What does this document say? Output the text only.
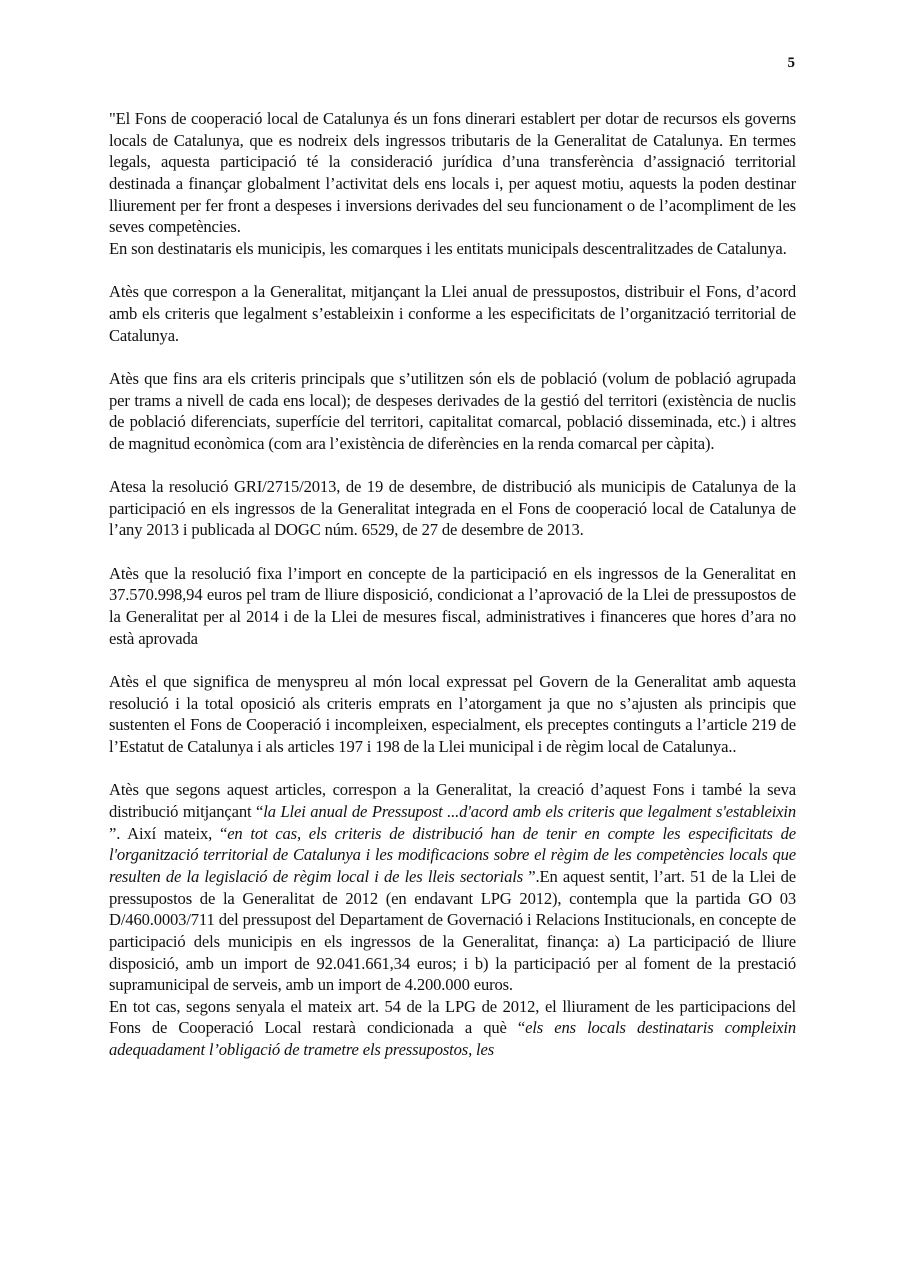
5

"El Fons de cooperació local de Catalunya és un fons dinerari establert per dotar de recursos els governs locals de Catalunya, que es nodreix dels ingressos tributaris de la Generalitat de Catalunya. En termes legals, aquesta participació té la consideració jurídica d’una transferència d’assignació territorial destinada a finançar globalment l’activitat dels ens locals i, per aquest motiu, aquests la poden destinar lliurement per fer front a despeses i inversions derivades del seu funcionament o de l’acompliment de les seves competències.

En son destinataris els municipis, les comarques i les entitats municipals descentralitzades de Catalunya.

Atès que correspon a la Generalitat, mitjançant la Llei anual de pressupostos, distribuir el Fons, d’acord amb els criteris que legalment s’estableixin i conforme a les especificitats de l’organització territorial de Catalunya.

Atès que fins ara els criteris principals que s’utilitzen són els de població (volum de població agrupada per trams a nivell de cada ens local); de despeses derivades de la gestió del territori (existència de nuclis de població diferenciats, superfície del territori, capitalitat comarcal, població disseminada, etc.) i altres de magnitud econòmica (com ara l’existència de diferències en la renda comarcal per càpita).

Atesa la resolució GRI/2715/2013, de 19 de desembre, de distribució als municipis de Catalunya de la participació en els ingressos de la Generalitat integrada en el Fons de cooperació local de Catalunya de l’any 2013 i publicada al DOGC núm. 6529, de 27 de desembre de 2013.

Atès que la resolució fixa l’import en concepte de la participació en els ingressos de la Generalitat en 37.570.998,94 euros pel tram de lliure disposició, condicionat a l’aprovació de la Llei de pressupostos de la Generalitat per al 2014 i de la Llei de mesures fiscal, administratives i financeres que hores d’ara no està aprovada

Atès el que significa de menyspreu al món local expressat pel Govern de la Generalitat amb aquesta resolució i la total oposició als criteris emprats en l’atorgament ja que no s’ajusten als principis que sustenten el Fons de Cooperació i incompleixen, especialment, els preceptes continguts a l’article 219 de l’Estatut de Catalunya i als articles 197 i 198 de la Llei municipal i de règim local de Catalunya..

Atès que segons aquest articles, correspon a la Generalitat, la creació d’aquest Fons i també la seva distribució mitjançant “la Llei anual de Pressupost ...d'acord amb els criteris que legalment s'estableixin ”. Així mateix, “en tot cas, els criteris de distribució han de tenir en compte les especificitats de l'organització territorial de Catalunya i les modificacions sobre el règim de les competències locals que resulten de la legislació de règim local i de les lleis sectorials ”.En aquest sentit, l’art. 51 de la Llei de pressupostos de la Generalitat de 2012 (en endavant LPG 2012), contempla que la partida GO 03 D/460.0003/711 del pressupost del Departament de Governació i Relacions Institucionals, en concepte de participació dels municipis en els ingressos de la Generalitat, finança: a) La participació de lliure disposició, amb un import de 92.041.661,34 euros; i b) la participació per al foment de la prestació supramunicipal de serveis, amb un import de 4.200.000 euros.

En tot cas, segons senyala el mateix art. 54 de la LPG de 2012, el lliurament de les participacions del Fons de Cooperació Local restarà condicionada a què “els ens locals destinataris compleixin adequadament l’obligació de trametre els pressupostos, les
